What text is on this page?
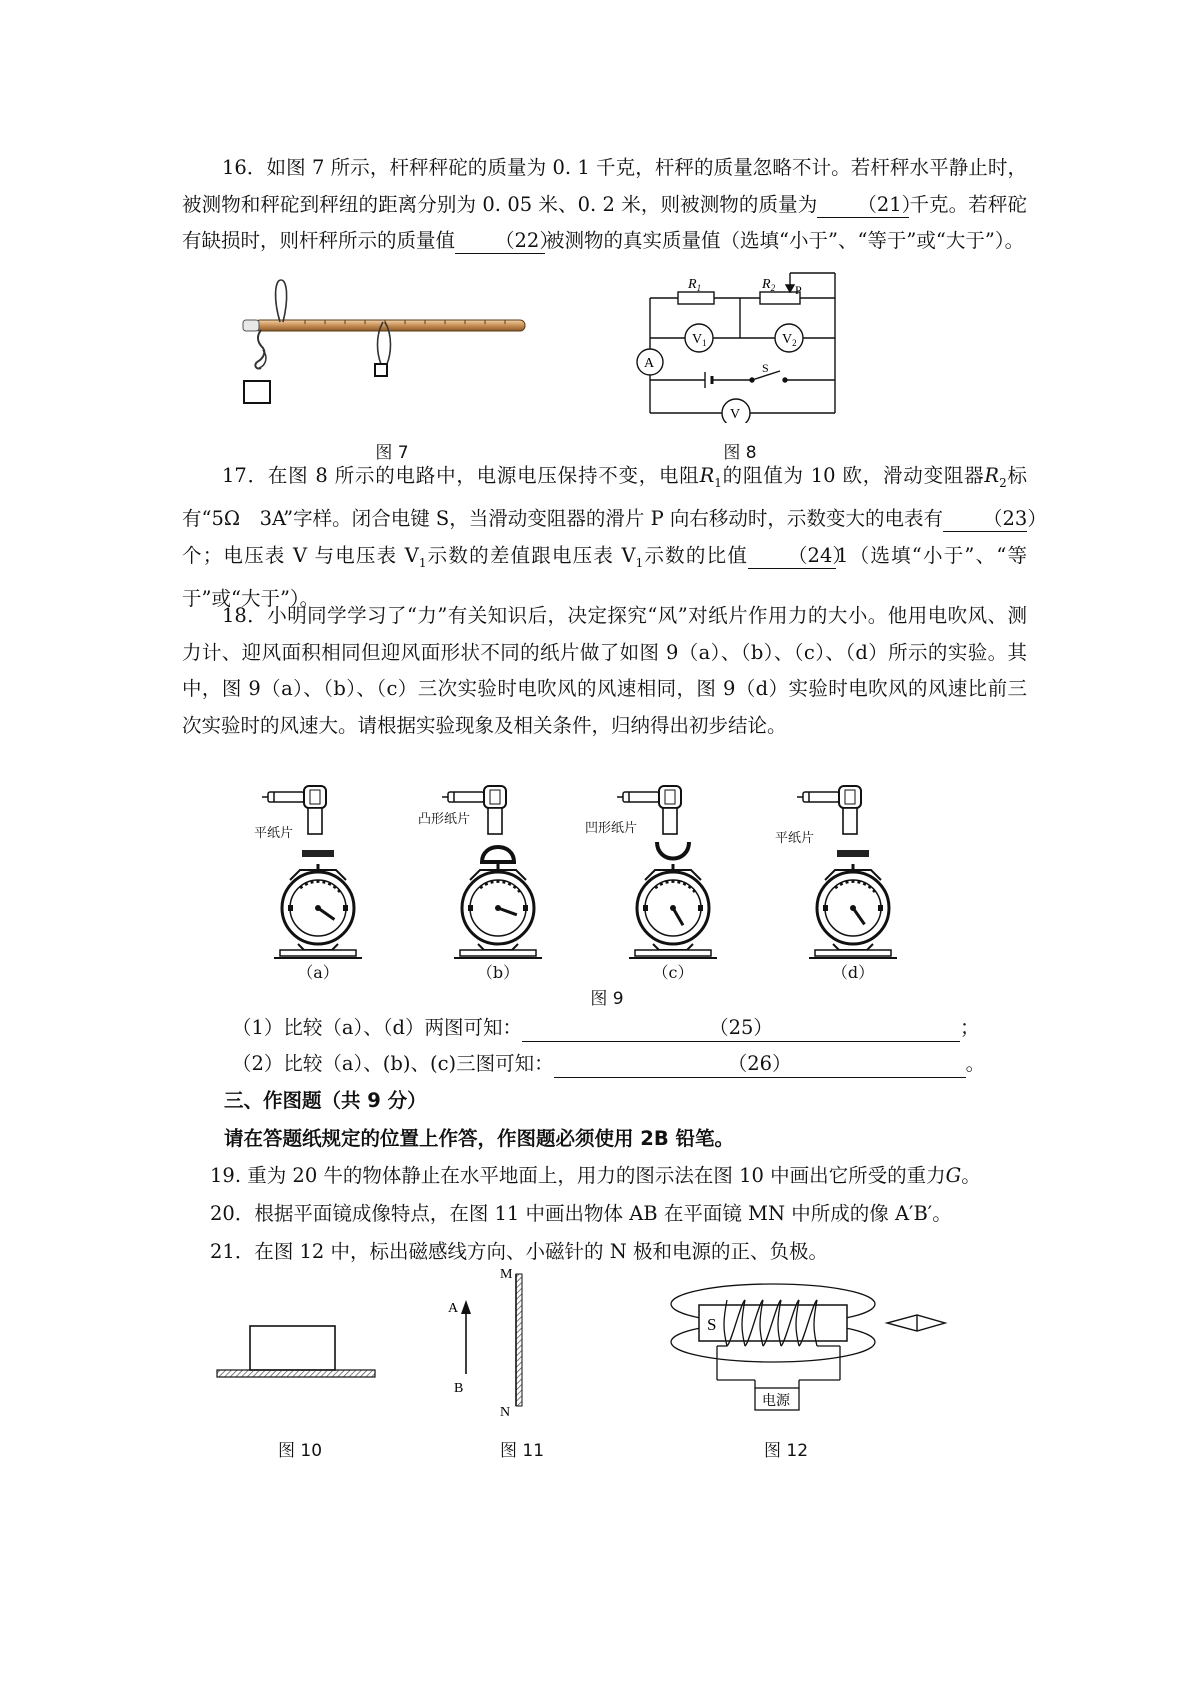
16．如图 7 所示，杆秤秤砣的质量为 0. 1 千克，杆秤的质量忽略不计。若杆秤水平静止时，被测物和秤砣到秤纽的距离分别为 0. 05 米、0. 2 米，则被测物的质量为 （21）千克。若秤砣有缺损时，则杆秤所示的质量值 （22）被测物的真实质量值（选填“小于”、“等于”或“大于”）。
图 7
$R_1$	$R_2$ P
$V_1$	$V_2$
A	S
V
图 8
17．在图 8 所示的电路中，电源电压保持不变，电阻$R_1$的阻值为 10 欧，滑动变阻器$R_2$标有“5Ω　3A”字样。闭合电键 S，当滑动变阻器的滑片 P 向右移动时，示数变大的电表有 （23）个；电压表 V 与电压表 $V_1$示数的差值跟电压表 $V_1$示数的比值 （24）1（选填“小于”、“等于”或“大于”）。
18．小明同学学习了“力”有关知识后，决定探究“风”对纸片作用力的大小。他用电吹风、测力计、迎风面积相同但迎风面形状不同的纸片做了如图 9（a）、（b）、（c）、（d）所示的实验。其中，图 9（a）、（b）、（c）三次实验时电吹风的风速相同，图 9（d）实验时电吹风的风速比前三次实验时的风速大。请根据实验现象及相关条件，归纳得出初步结论。
平纸片
（a）
凸形纸片
（b）
凹形纸片
（c）
平纸片
（d）
图 9
（1）比较（a）、（d）两图可知：	（25）	；
（2）比较（a）、(b)、(c)三图可知：	（26）	。
三、作图题（共 9 分）
请在答题纸规定的位置上作答，作图题必须使用 2B 铅笔。
19. 重为 20 牛的物体静止在水平地面上，用力的图示法在图 10 中画出它所受的重力G。
20．根据平面镜成像特点，在图 11 中画出物体 AB 在平面镜 MN 中所成的像 A′B′。
21．在图 12 中，标出磁感线方向、小磁针的 N 极和电源的正、负极。
图 10
M
N
A
B
图 11
S
电源
图 12
